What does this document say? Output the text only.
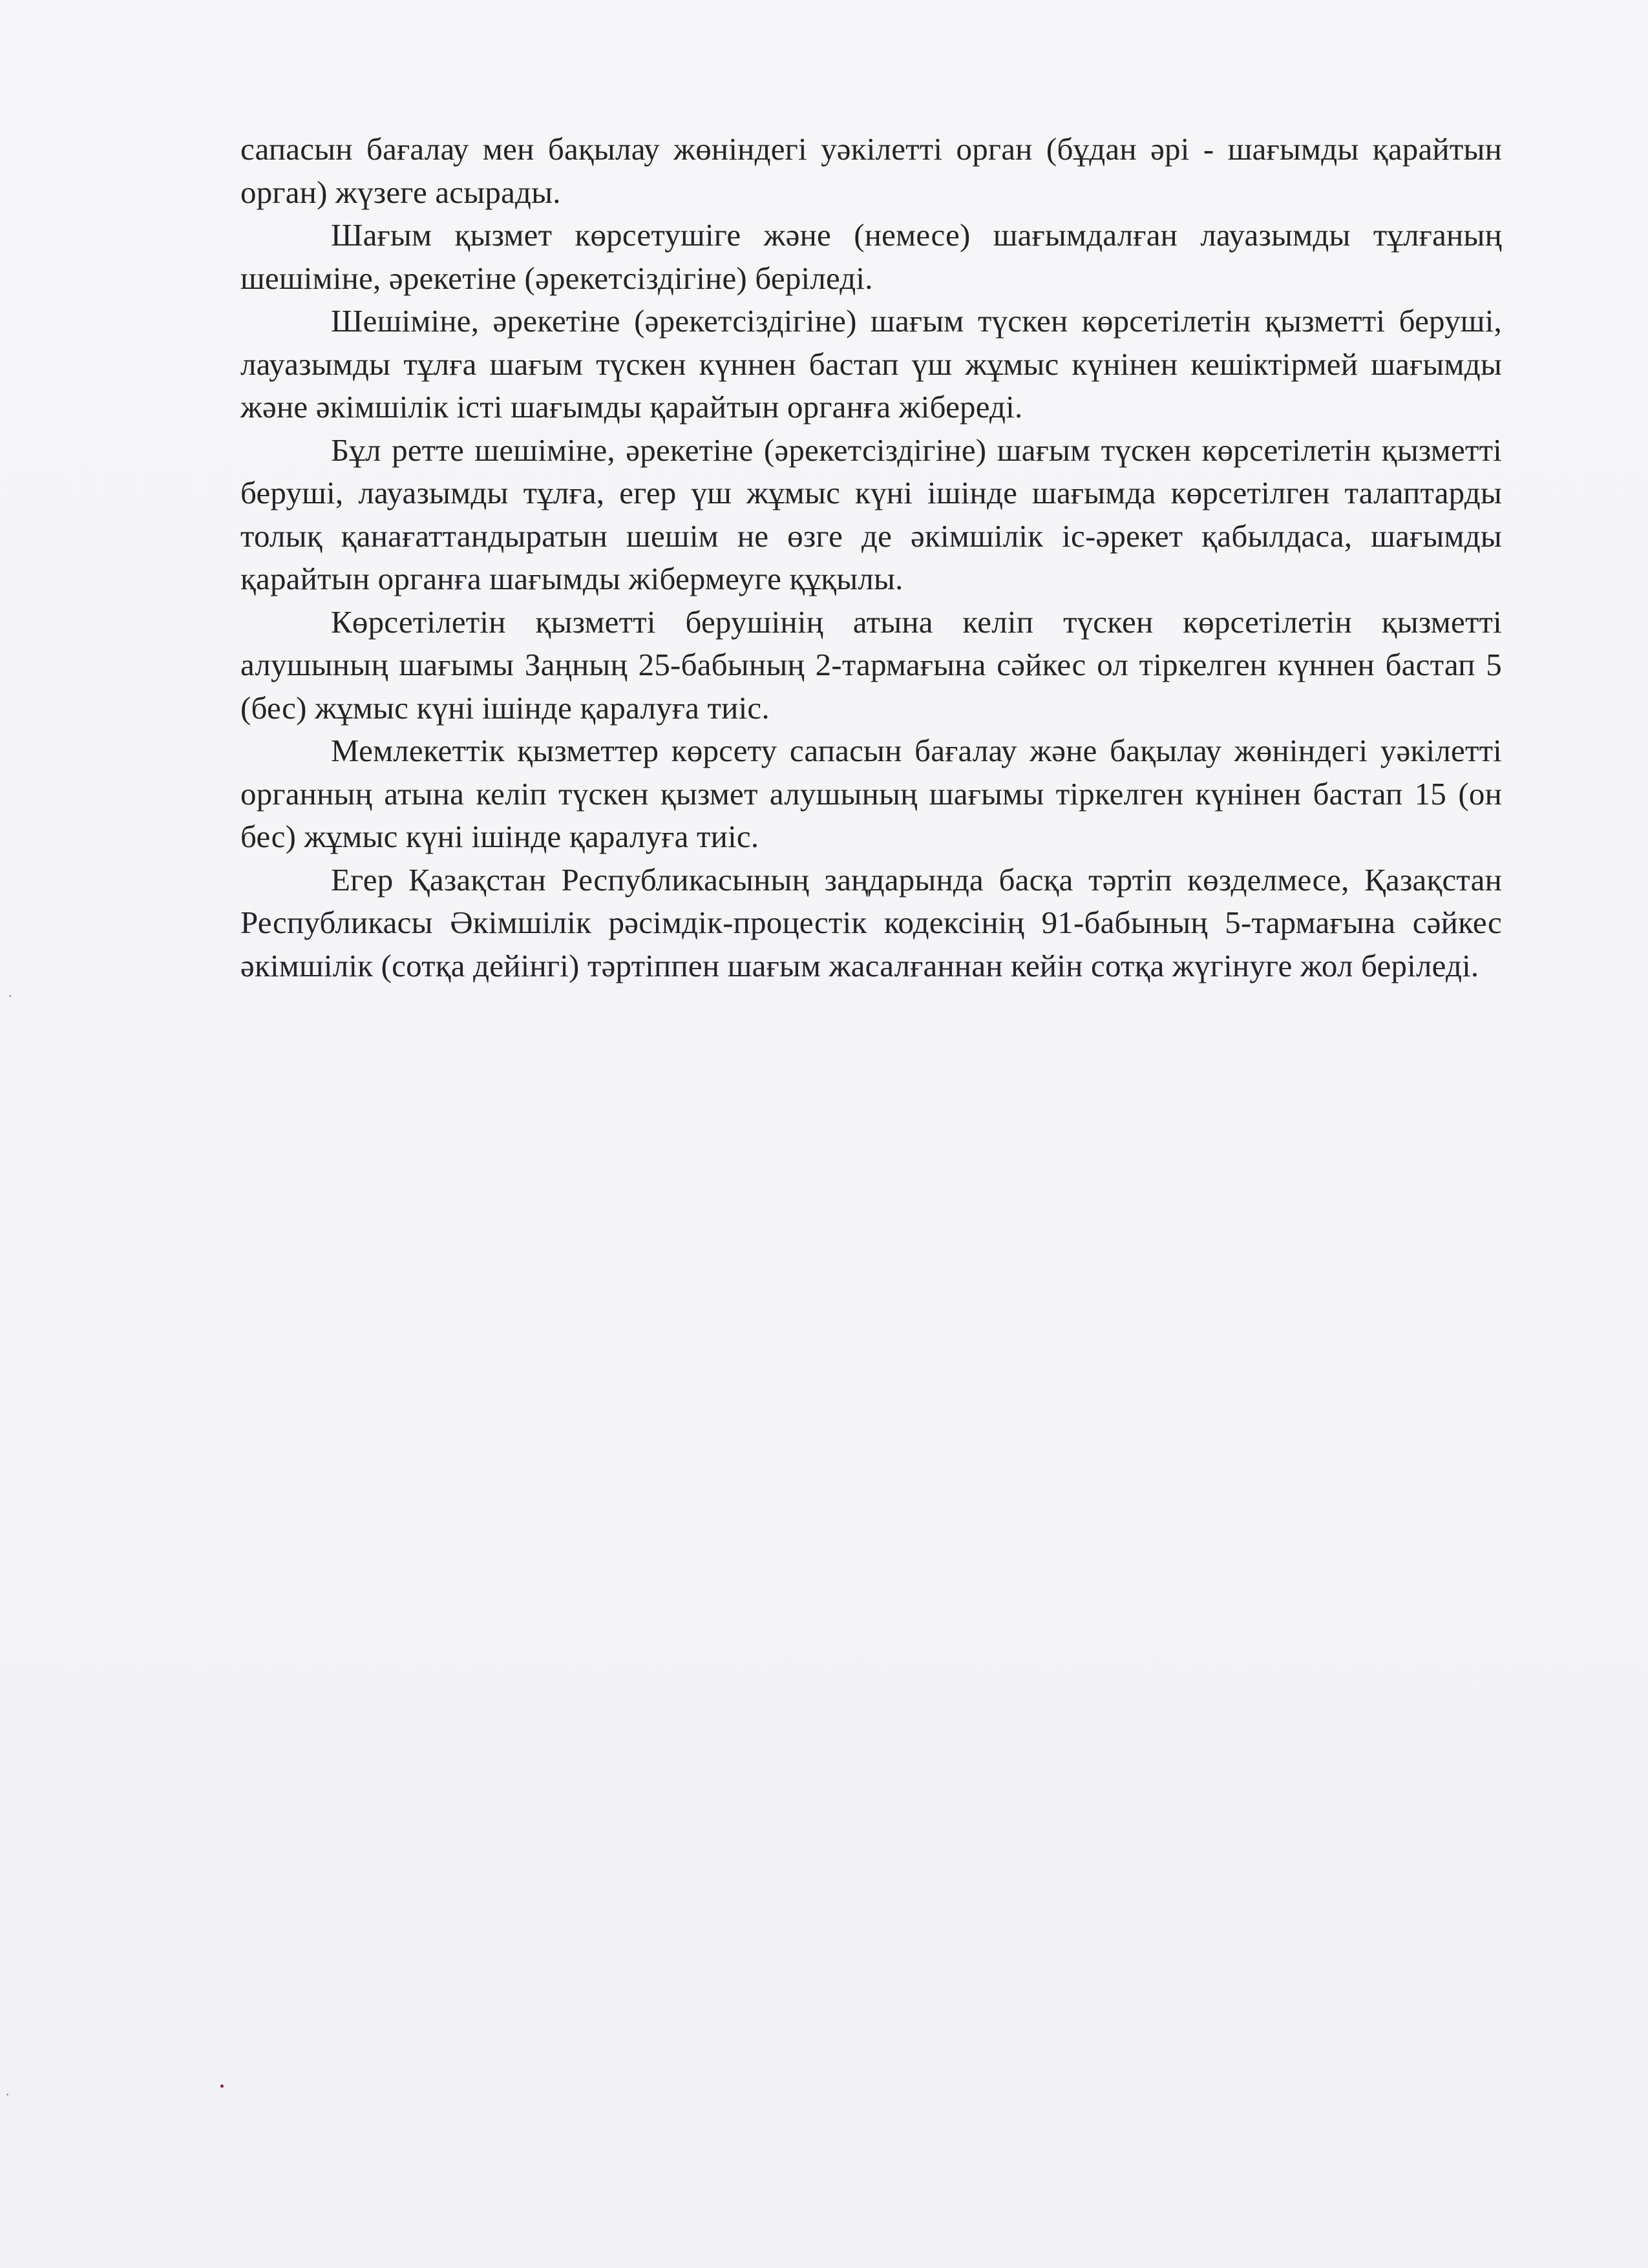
сапасын бағалау мен бақылау жөніндегі уәкілетті орган (бұдан әрі - шағымды қарайтын орган) жүзеге асырады.

Шағым қызмет көрсетушіге және (немесе) шағымдалған лауазымды тұлғаның шешіміне, әрекетіне (әрекетсіздігіне) беріледі.

Шешіміне, әрекетіне (әрекетсіздігіне) шағым түскен көрсетілетін қызметті беруші, лауазымды тұлға шағым түскен күннен бастап үш жұмыс күнінен кешіктірмей шағымды және әкімшілік істі шағымды қарайтын органға жібереді.

Бұл ретте шешіміне, әрекетіне (әрекетсіздігіне) шағым түскен көрсетілетін қызметті беруші, лауазымды тұлға, егер үш жұмыс күні ішінде шағымда көрсетілген талаптарды толық қанағаттандыратын шешім не өзге де әкімшілік іс-әрекет қабылдаса, шағымды қарайтын органға шағымды жібермеуге құқылы.

Көрсетілетін қызметті берушінің атына келіп түскен көрсетілетін қызметті алушының шағымы Заңның 25-бабының 2-тармағына сәйкес ол тіркелген күннен бастап 5 (бес) жұмыс күні ішінде қаралуға тиіс.

Мемлекеттік қызметтер көрсету сапасын бағалау және бақылау жөніндегі уәкілетті органның атына келіп түскен қызмет алушының шағымы тіркелген күнінен бастап 15 (он бес) жұмыс күні ішінде қаралуға тиіс.

Егер Қазақстан Республикасының заңдарында басқа тәртіп көзделмесе, Қазақстан Республикасы Әкімшілік рәсімдік-процестік кодексінің 91-бабының 5-тармағына сәйкес әкімшілік (сотқа дейінгі) тәртіппен шағым жасалғаннан кейін сотқа жүгінуге жол беріледі.
